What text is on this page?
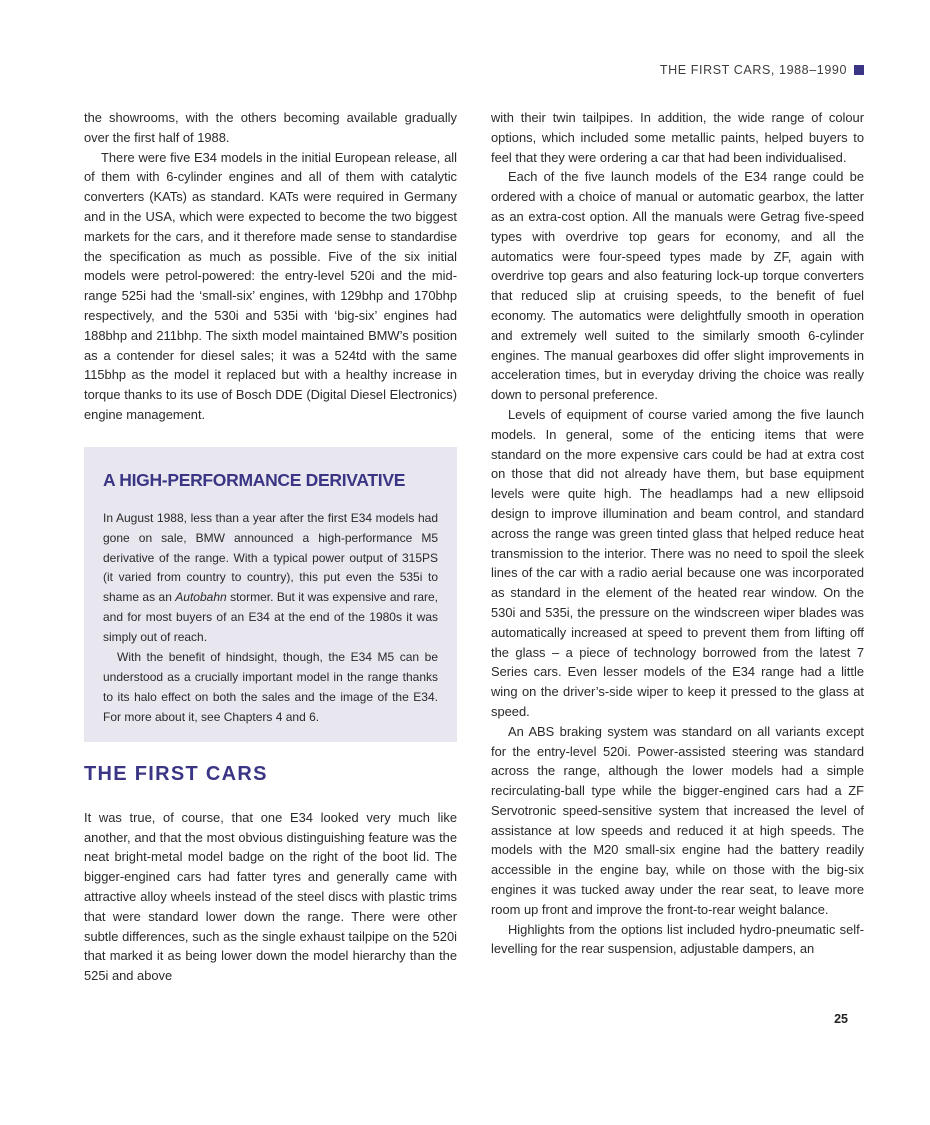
THE FIRST CARS, 1988–1990

the showrooms, with the others becoming available gradually over the first half of 1988.

There were five E34 models in the initial European release, all of them with 6-cylinder engines and all of them with catalytic converters (KATs) as standard. KATs were required in Germany and in the USA, which were expected to become the two biggest markets for the cars, and it therefore made sense to standardise the specification as much as possible. Five of the six initial models were petrol-powered: the entry-level 520i and the mid-range 525i had the ‘small-six’ engines, with 129bhp and 170bhp respectively, and the 530i and 535i with ‘big-six’ engines had 188bhp and 211bhp. The sixth model maintained BMW’s position as a contender for diesel sales; it was a 524td with the same 115bhp as the model it replaced but with a healthy increase in torque thanks to its use of Bosch DDE (Digital Diesel Electronics) engine management.

A HIGH-PERFORMANCE DERIVATIVE

In August 1988, less than a year after the first E34 models had gone on sale, BMW announced a high-performance M5 derivative of the range. With a typical power output of 315PS (it varied from country to country), this put even the 535i to shame as an Autobahn stormer. But it was expensive and rare, and for most buyers of an E34 at the end of the 1980s it was simply out of reach.

With the benefit of hindsight, though, the E34 M5 can be understood as a crucially important model in the range thanks to its halo effect on both the sales and the image of the E34. For more about it, see Chapters 4 and 6.

THE FIRST CARS

It was true, of course, that one E34 looked very much like another, and that the most obvious distinguishing feature was the neat bright-metal model badge on the right of the boot lid. The bigger-engined cars had fatter tyres and generally came with attractive alloy wheels instead of the steel discs with plastic trims that were standard lower down the range. There were other subtle differences, such as the single exhaust tailpipe on the 520i that marked it as being lower down the model hierarchy than the 525i and above

with their twin tailpipes. In addition, the wide range of colour options, which included some metallic paints, helped buyers to feel that they were ordering a car that had been individualised.

Each of the five launch models of the E34 range could be ordered with a choice of manual or automatic gearbox, the latter as an extra-cost option. All the manuals were Getrag five-speed types with overdrive top gears for economy, and all the automatics were four-speed types made by ZF, again with overdrive top gears and also featuring lock-up torque converters that reduced slip at cruising speeds, to the benefit of fuel economy. The automatics were delightfully smooth in operation and extremely well suited to the similarly smooth 6-cylinder engines. The manual gearboxes did offer slight improvements in acceleration times, but in everyday driving the choice was really down to personal preference.

Levels of equipment of course varied among the five launch models. In general, some of the enticing items that were standard on the more expensive cars could be had at extra cost on those that did not already have them, but base equipment levels were quite high. The headlamps had a new ellipsoid design to improve illumination and beam control, and standard across the range was green tinted glass that helped reduce heat transmission to the interior. There was no need to spoil the sleek lines of the car with a radio aerial because one was incorporated as standard in the element of the heated rear window. On the 530i and 535i, the pressure on the windscreen wiper blades was automatically increased at speed to prevent them from lifting off the glass – a piece of technology borrowed from the latest 7 Series cars. Even lesser models of the E34 range had a little wing on the driver’s-side wiper to keep it pressed to the glass at speed.

An ABS braking system was standard on all variants except for the entry-level 520i. Power-assisted steering was standard across the range, although the lower models had a simple recirculating-ball type while the bigger-engined cars had a ZF Servotronic speed-sensitive system that increased the level of assistance at low speeds and reduced it at high speeds. The models with the M20 small-six engine had the battery readily accessible in the engine bay, while on those with the big-six engines it was tucked away under the rear seat, to leave more room up front and improve the front-to-rear weight balance.

Highlights from the options list included hydro-pneumatic self-levelling for the rear suspension, adjustable dampers, an

25
